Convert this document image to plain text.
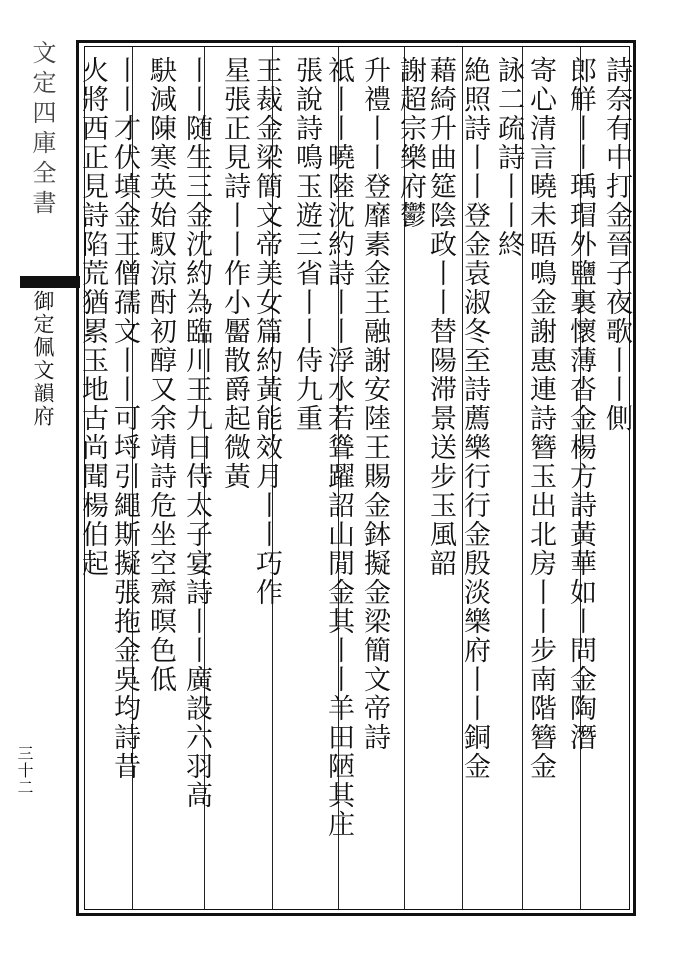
文定四庫全書
御定佩文韻府
三十二
詩奈有中打金晉子夜歌丨丨側
郎觧丨丨瑀瑁外鹽裏懷薄沓金楊方詩黃華如丨問金陶潛
寄心清言曉未晤鳴金謝惠連詩簪玉出北房丨丨步南階簪金
詠二疏詩丨丨終
絶照詩丨丨登金袁淑冬至詩薦樂行行金殷淡樂府丨丨銅金
藉綺升曲筵陰政丨丨替陽滞景送步玉風韶
謝超宗樂府鬱
升禮丨丨登靡素金王融謝安陸王賜金鉢擬金梁簡文帝詩
祗丨丨曉陸沈約詩丨丨浮水若聳躍詔山閒金其丨丨羊田陋其庄
張說詩鳴玉遊三省丨丨侍九重
王裁金梁簡文帝美女篇約黃能效月丨丨巧作
星張正見詩丨丨作小靨散爵起微黃
丨丨随生三金沈約為臨川王九日侍太子宴詩丨丨廣設六羽高
駃減陳寒英始馭涼酎初醇又余靖詩危坐空齋暝色低
丨丨才伏填金王僧孺文丨丨可埒引繩斯擬張拖金吳均詩昔
火將西正見詩陷荒猶累玉地古尚聞楊伯起
